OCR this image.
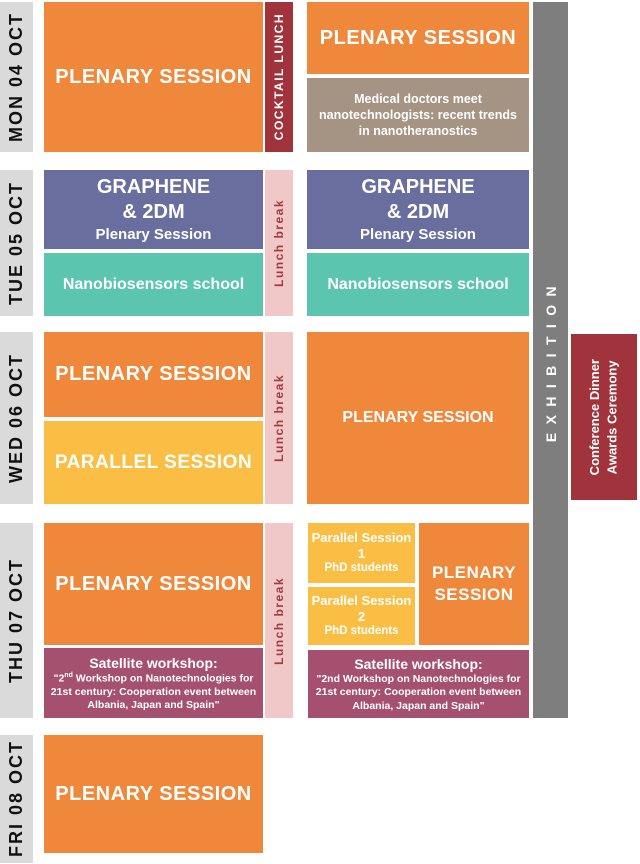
MON 04 OCT PLENARY SESSION COCKTAIL LUNCH PLENARY SESSION
Medical doctors meet nanotechnologists: recent trends in nanotheranostics
TUE 05 OCT	GRAPHENE
& 2DM
Plenary Session
Nanobiosensors school Lunch break
GRAPHENE
& 2DM
Plenary Session
Nanobiosensors school
WED 06 OCT PLENARY SESSION
PARALLEL SESSION
Lunch break	PLENARY SESSION
THU 07 OCT PLENARY SESSION
Satellite workshop:
"2nd Workshop on Nanotechnologies for 21st century: Cooperation event between Albania, Japan and Spain"
Lunch break
Parallel Session 1
PhD students
Parallel Session 2
PhD students
PLENARY SESSION
Satellite workshop:
"2nd Workshop on Nanotechnologies for 21st century: Cooperation event between Albania, Japan and Spain"
FRI 08 OCT PLENARY SESSION
EXHIBITION Conference Dinner Awards Ceremony
